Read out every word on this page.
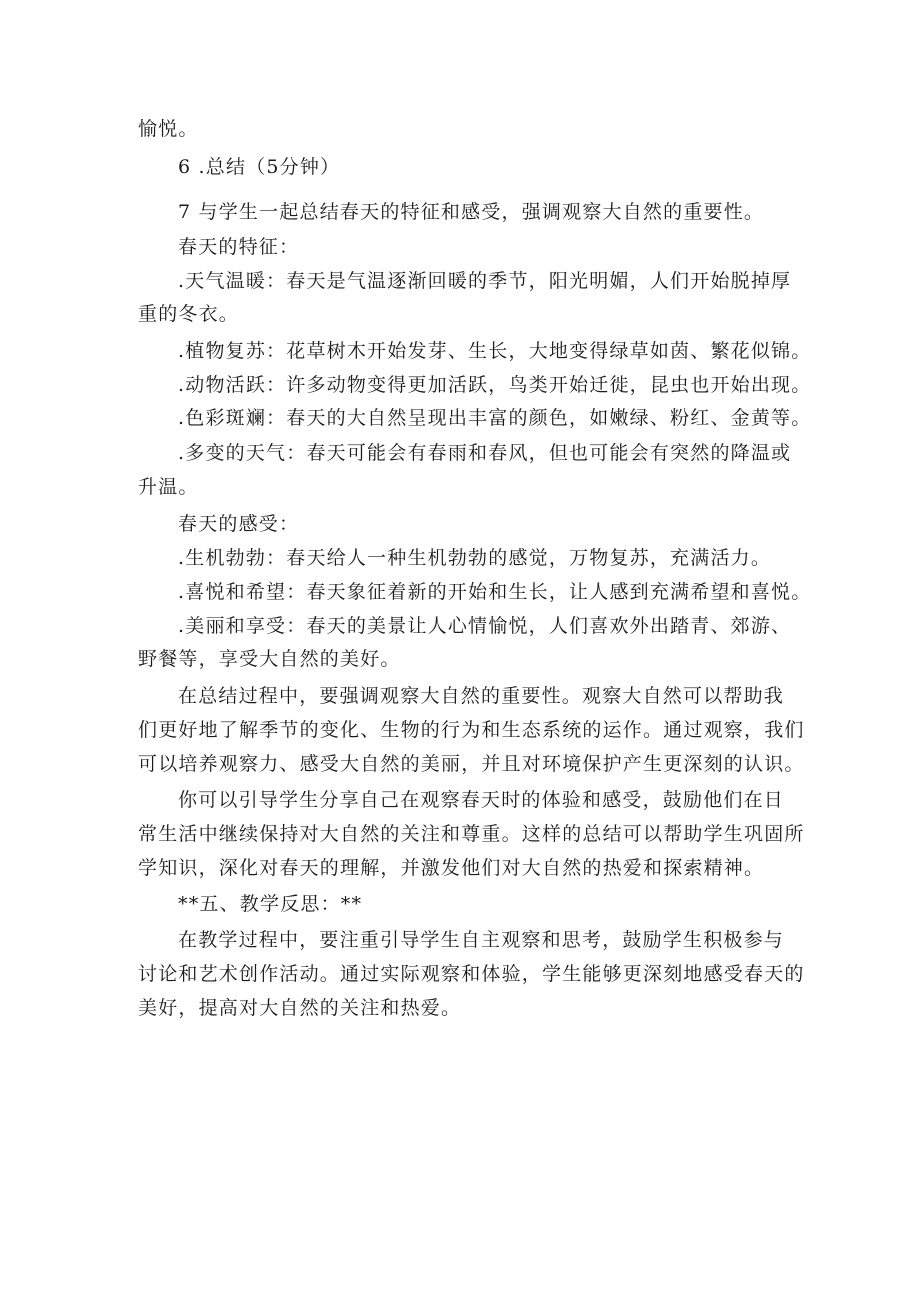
愉悦。
6 .总结（5分钟）
7 与学生一起总结春天的特征和感受，强调观察大自然的重要性。
春天的特征：
.天气温暖：春天是气温逐渐回暖的季节，阳光明媚，人们开始脱掉厚
重的冬衣。
.植物复苏：花草树木开始发芽、生长，大地变得绿草如茵、繁花似锦。
.动物活跃：许多动物变得更加活跃，鸟类开始迁徙，昆虫也开始出现。
.色彩斑斓：春天的大自然呈现出丰富的颜色，如嫩绿、粉红、金黄等。
.多变的天气：春天可能会有春雨和春风，但也可能会有突然的降温或
升温。
春天的感受：
.生机勃勃：春天给人一种生机勃勃的感觉，万物复苏，充满活力。
.喜悦和希望：春天象征着新的开始和生长，让人感到充满希望和喜悦。
.美丽和享受：春天的美景让人心情愉悦，人们喜欢外出踏青、郊游、
野餐等，享受大自然的美好。
在总结过程中，要强调观察大自然的重要性。观察大自然可以帮助我
们更好地了解季节的变化、生物的行为和生态系统的运作。通过观察，我们
可以培养观察力、感受大自然的美丽，并且对环境保护产生更深刻的认识。
你可以引导学生分享自己在观察春天时的体验和感受，鼓励他们在日
常生活中继续保持对大自然的关注和尊重。这样的总结可以帮助学生巩固所
学知识，深化对春天的理解，并激发他们对大自然的热爱和探索精神。
**五、教学反思：**
在教学过程中，要注重引导学生自主观察和思考，鼓励学生积极参与
讨论和艺术创作活动。通过实际观察和体验，学生能够更深刻地感受春天的
美好，提高对大自然的关注和热爱。
